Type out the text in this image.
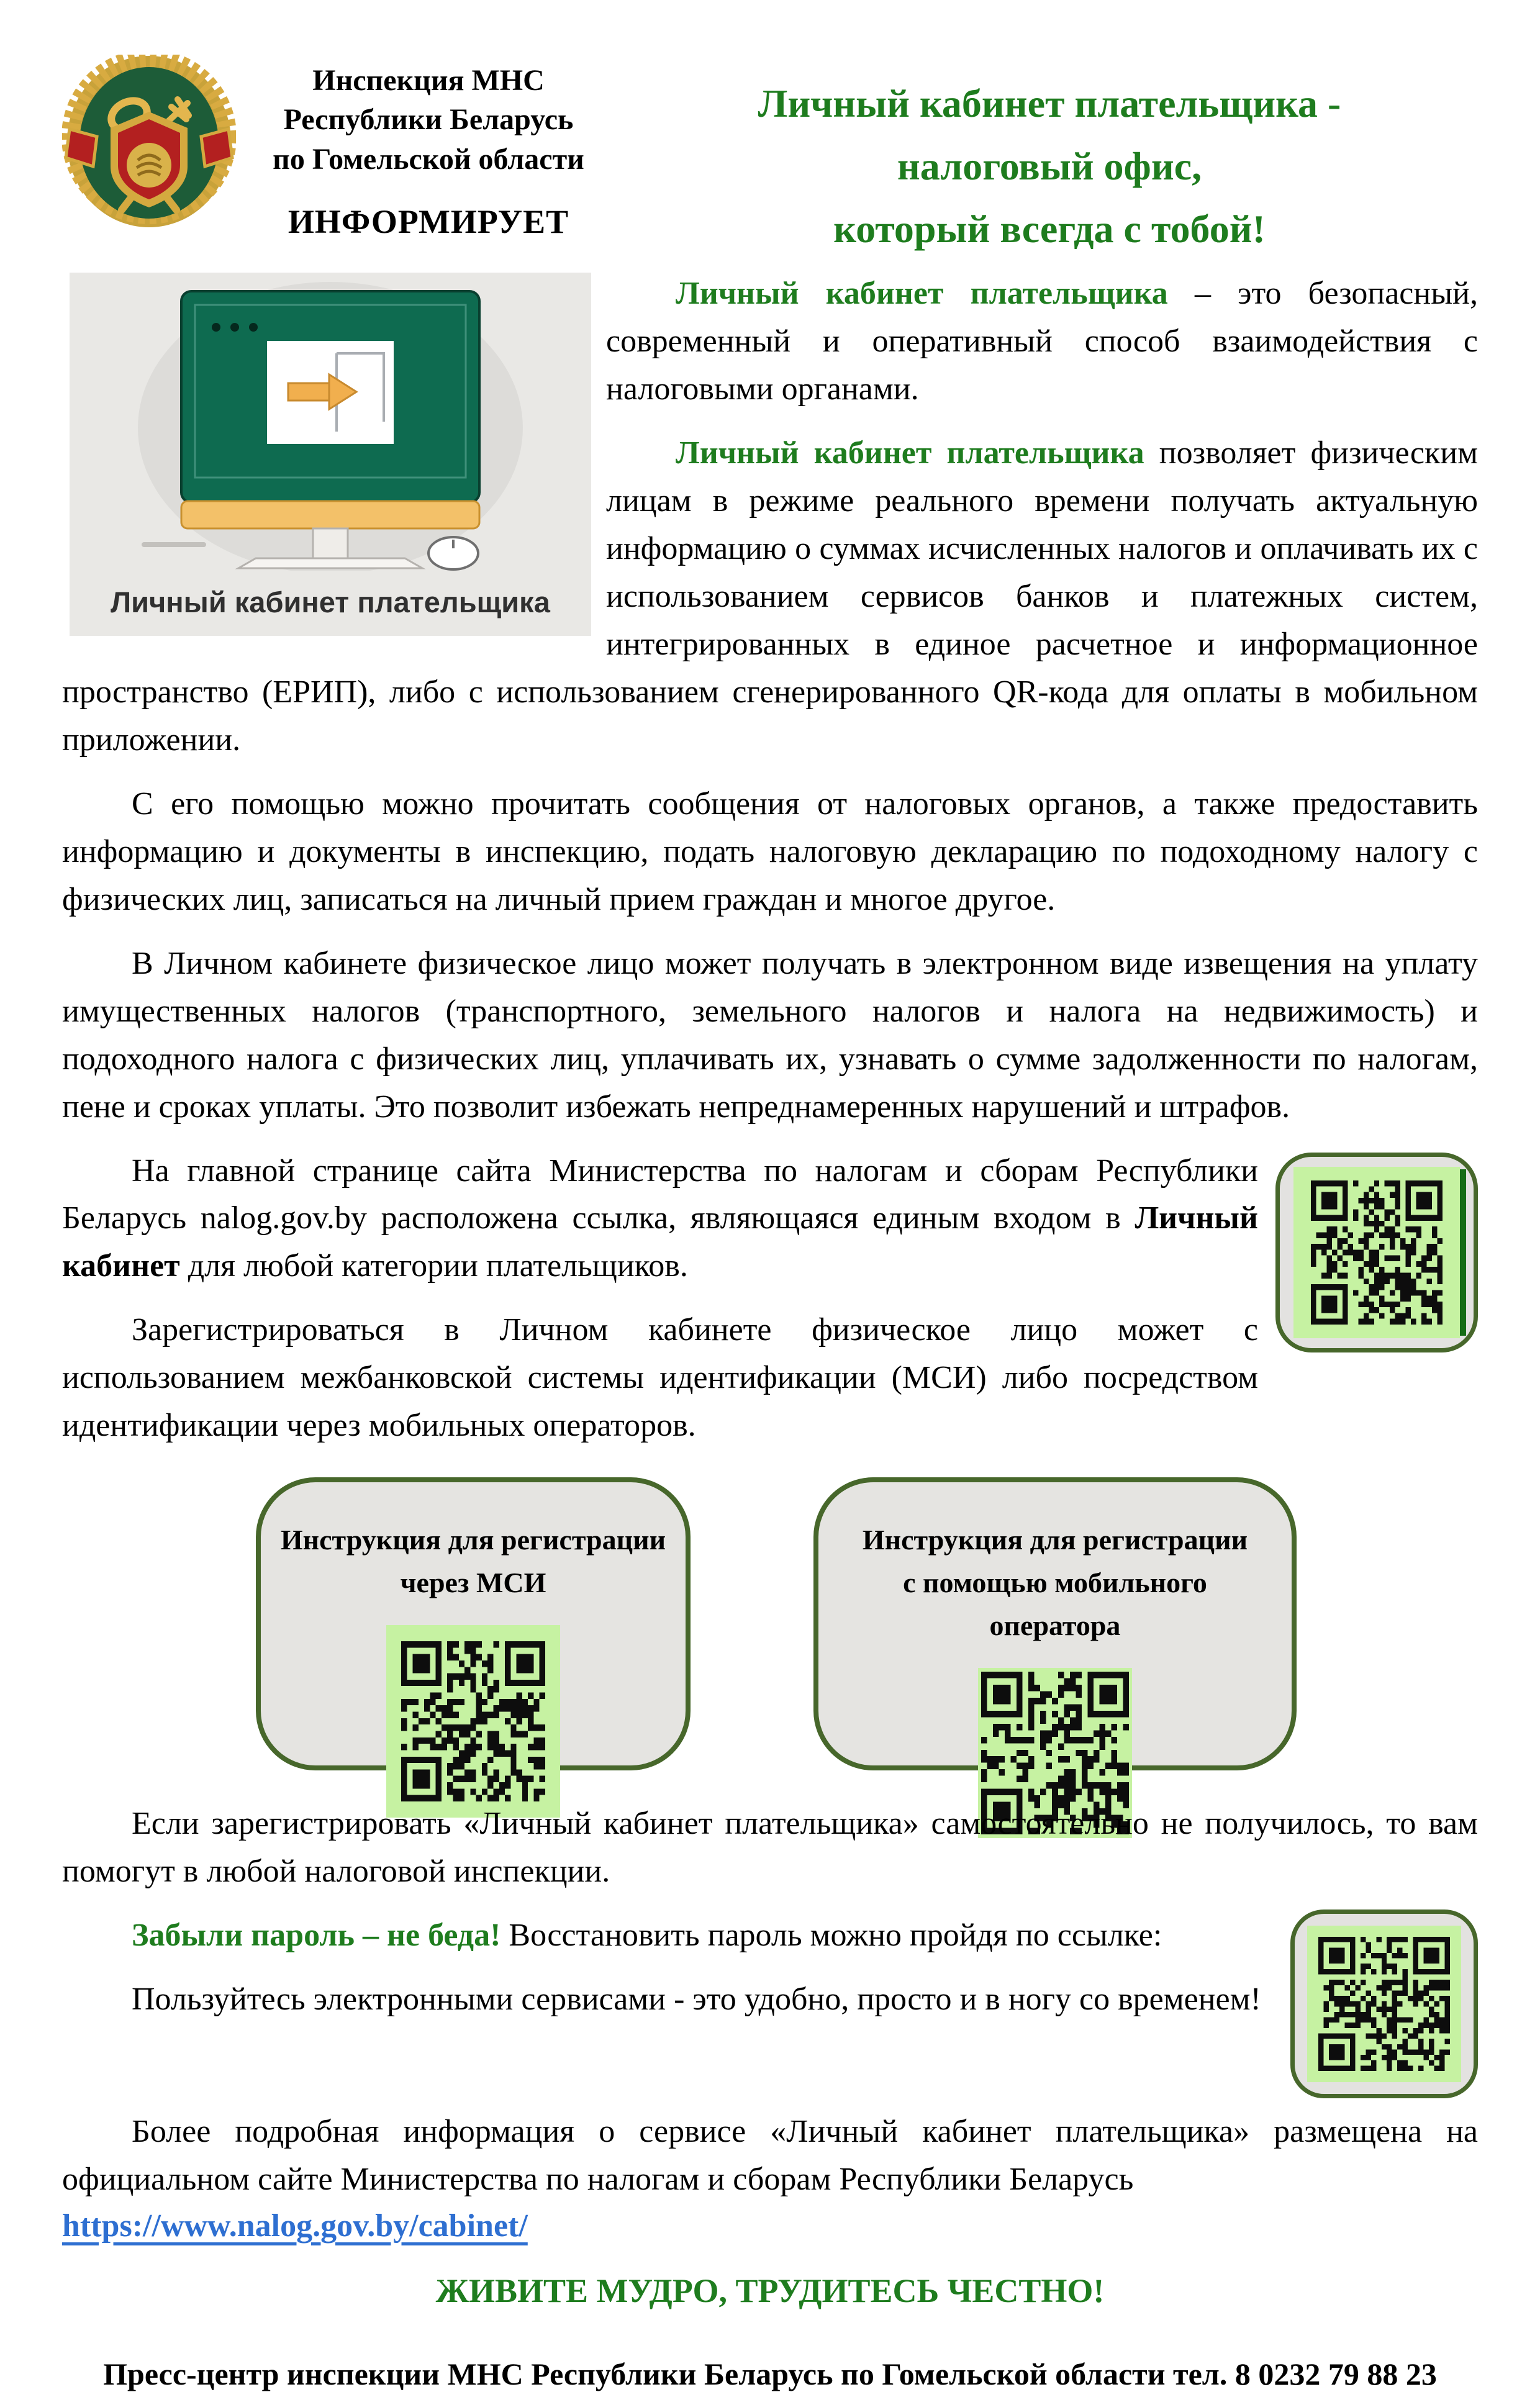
Инспекция МНС
Республики Беларусь
по Гомельской области
ИНФОРМИРУЕТ
Личный кабинет плательщика -
налоговый офис,
который всегда с тобой!
Личный кабинет плательщика

Личный кабинет плательщика – это безопасный, современный и оперативный способ взаимодействия с налоговыми органами.

Личный кабинет плательщика позволяет физическим лицам в режиме реального времени получать актуальную информацию о суммах исчисленных налогов и оплачивать их с использованием сервисов банков и платежных систем, интегрированных в единое расчетное и информационное пространство (ЕРИП), либо с использованием сгенерированного QR-кода для оплаты в мобильном приложении.

С его помощью можно прочитать сообщения от налоговых органов, а также предоставить информацию и документы в инспекцию, подать налоговую декларацию по подоходному налогу с физических лиц, записаться на личный прием граждан и многое другое.

В Личном кабинете физическое лицо может получать в электронном виде извещения на уплату имущественных налогов (транспортного, земельного налогов и налога на недвижимость) и подоходного налога с физических лиц, уплачивать их, узнавать о сумме задолженности по налогам, пене и сроках уплаты. Это позволит избежать непреднамеренных нарушений и штрафов.

На главной странице сайта Министерства по налогам и сборам Республики Беларусь nalog.gov.by расположена ссылка, являющаяся единым входом в Личный кабинет для любой категории плательщиков.

Зарегистрироваться в Личном кабинете физическое лицо может с использованием межбанковской системы идентификации (МСИ) либо посредством идентификации через мобильных операторов.

Инструкция для регистрации
через МСИ
Инструкция для регистрации
с помощью мобильного оператора

Если зарегистрировать «Личный кабинет плательщика» самостоятельно не получилось, то вам помогут в любой налоговой инспекции.

Забыли пароль – не беда! Восстановить пароль можно пройдя по ссылке:

Пользуйтесь электронными сервисами - это удобно, просто и в ногу со временем!

Более подробная информация о сервисе «Личный кабинет плательщика» размещена на официальном сайте Министерства по налогам и сборам Республики Беларусь

https://www.nalog.gov.by/cabinet/
ЖИВИТЕ МУДРО, ТРУДИТЕСЬ ЧЕСТНО!
Пресс-центр инспекции МНС Республики Беларусь по Гомельской области тел. 8 0232 79 88 23
